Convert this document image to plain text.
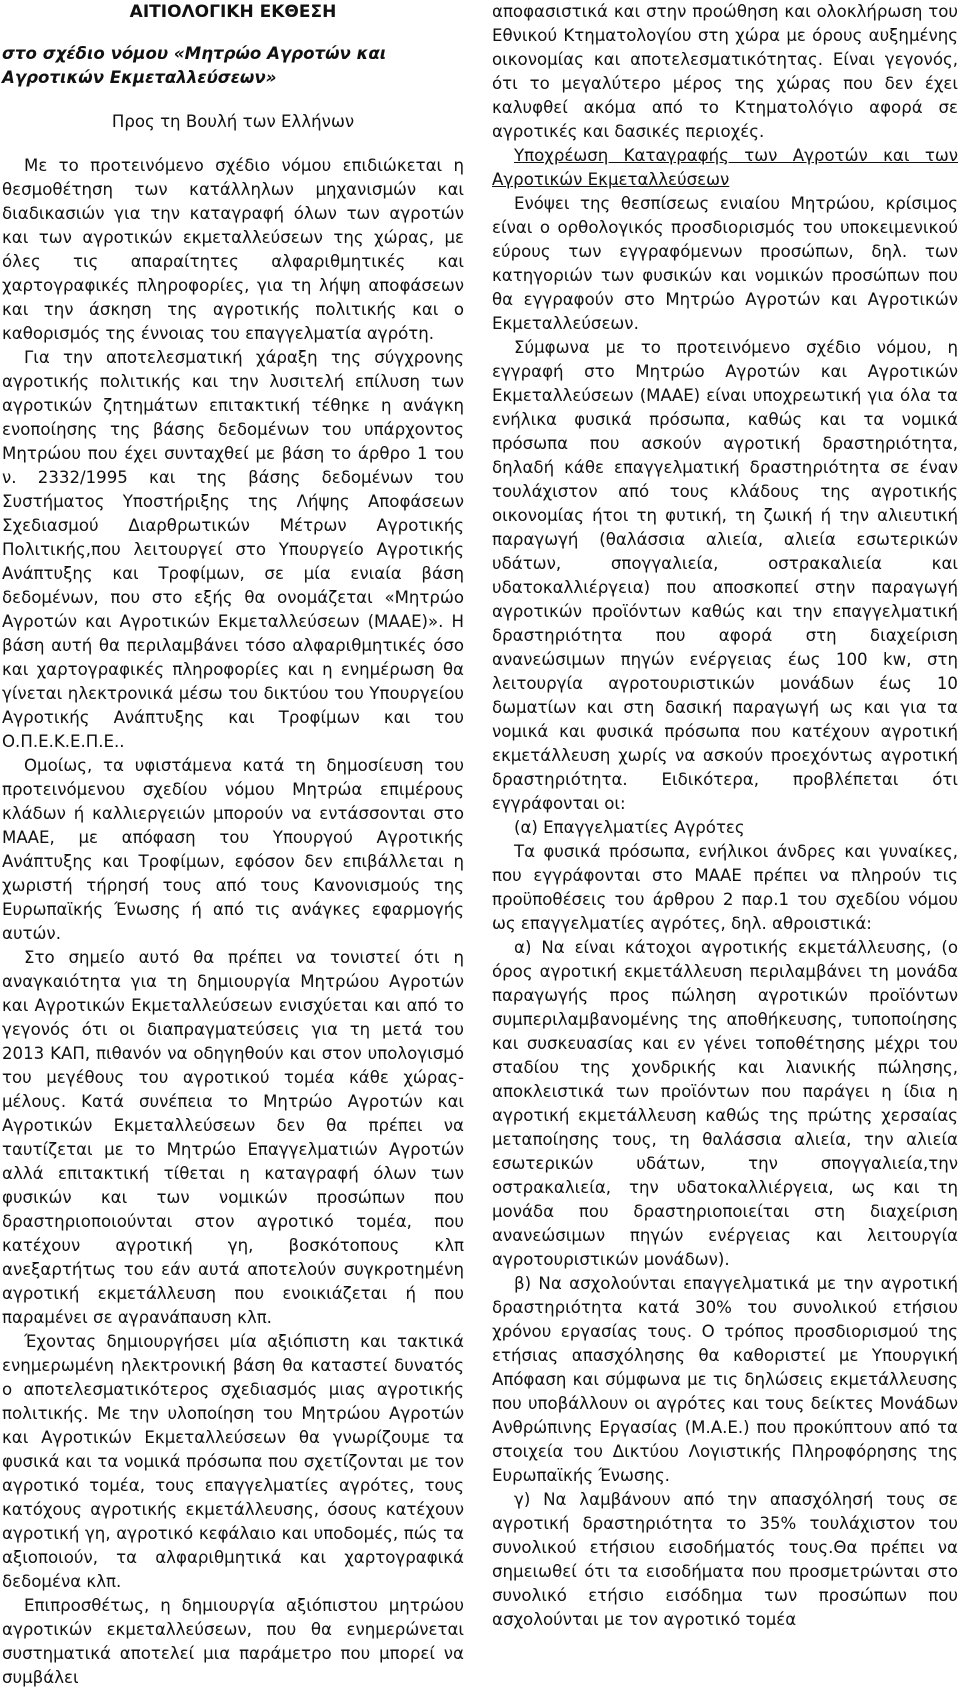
ΑΙΤΙΟΛΟΓΙΚΗ ΕΚΘΕΣΗ
στο σχέδιο νόμου «Μητρώο Αγροτών και Αγροτικών Εκμεταλλεύσεων»
Προς τη Βουλή των Ελλήνων

Με το προτεινόμενο σχέδιο νόμου επιδιώκεται η θεσμοθέτηση των κατάλληλων μηχανισμών και διαδικασιών για την καταγραφή όλων των αγροτών και των αγροτικών εκμεταλλεύσεων της χώρας, με όλες τις απαραίτητες αλφαριθμητικές και χαρτογραφικές πληροφορίες, για τη λήψη αποφάσεων και την άσκηση της αγροτικής πολιτικής και ο καθορισμός της έννοιας του επαγγελματία αγρότη.

Για την αποτελεσματική χάραξη της σύγχρονης αγροτικής πολιτικής και την λυσιτελή επίλυση των αγροτικών ζητημάτων επιτακτική τέθηκε η ανάγκη ενοποίησης της βάσης δεδομένων του υπάρχοντος Μητρώου που έχει συνταχθεί με βάση το άρθρο 1 του ν. 2332/1995 και της βάσης δεδομένων του Συστήματος Υποστήριξης της Λήψης Αποφάσεων Σχεδιασμού Διαρθρωτικών Μέτρων Αγροτικής Πολιτικής,που λειτουργεί στο Υπουργείο Αγροτικής Ανάπτυξης και Τροφίμων, σε μία ενιαία βάση δεδομένων, που στο εξής θα ονομάζεται «Μητρώο Αγροτών και Αγροτικών Εκμεταλλεύσεων (ΜΑΑΕ)». Η βάση αυτή θα περιλαμβάνει τόσο αλφαριθμητικές όσο και χαρτογραφικές πληροφορίες και η ενημέρωση θα γίνεται ηλεκτρονικά μέσω του δικτύου του Υπουργείου Αγροτικής Ανάπτυξης και Τροφίμων και του Ο.Π.Ε.Κ.Ε.Π.Ε..

Ομοίως, τα υφιστάμενα κατά τη δημοσίευση του προτεινόμενου σχεδίου νόμου Μητρώα επιμέρους κλάδων ή καλλιεργειών μπορούν να εντάσσονται στο ΜΑΑΕ, με απόφαση του Υπουργού Αγροτικής Ανάπτυξης και Τροφίμων, εφόσον δεν επιβάλλεται η χωριστή τήρησή τους από τους Κανονισμούς της Ευρωπαϊκής Ένωσης ή από τις ανάγκες εφαρμογής αυτών.

Στο σημείο αυτό θα πρέπει να τονιστεί ότι η αναγκαιότητα για τη δημιουργία Μητρώου Αγροτών και Αγροτικών Εκμεταλλεύσεων ενισχύεται και από το γεγονός ότι οι διαπραγματεύσεις για τη μετά του 2013 ΚΑΠ, πιθανόν να οδηγηθούν και στον υπολογισμό του μεγέθους του αγροτικού τομέα κάθε χώρας-μέλους. Κατά συνέπεια το Μητρώο Αγροτών και Αγροτικών Εκμεταλλεύσεων δεν θα πρέπει να ταυτίζεται με το Μητρώο Επαγγελματιών Αγροτών αλλά επιτακτική τίθεται η καταγραφή όλων των φυσικών και των νομικών προσώπων που δραστηριοποιούνται στον αγροτικό τομέα, που κατέχουν αγροτική γη, βοσκότοπους κλπ ανεξαρτήτως του εάν αυτά αποτελούν συγκροτημένη αγροτική εκμετάλλευση που ενοικιάζεται ή που παραμένει σε αγρανάπαυση κλπ.

Έχοντας δημιουργήσει μία αξιόπιστη και τακτικά ενημερωμένη ηλεκτρονική βάση θα καταστεί δυνατός ο αποτελεσματικότερος σχεδιασμός μιας αγροτικής πολιτικής. Με την υλοποίηση του Μητρώου Αγροτών και Αγροτικών Εκμεταλλεύσεων θα γνωρίζουμε τα φυσικά και τα νομικά πρόσωπα που σχετίζονται με τον αγροτικό τομέα, τους επαγγελματίες αγρότες, τους κατόχους αγροτικής εκμετάλλευσης, όσους κατέχουν αγροτική γη, αγροτικό κεφάλαιο και υποδομές, πώς τα αξιοποιούν, τα αλφαριθμητικά και χαρτογραφικά δεδομένα κλπ.

Επιπροσθέτως, η δημιουργία αξιόπιστου μητρώου αγροτικών εκμεταλλεύσεων, που θα ενημερώνεται συστηματικά αποτελεί μια παράμετρο που μπορεί να συμβάλει

αποφασιστικά και στην προώθηση και ολοκλήρωση του Εθνικού Κτηματολογίου στη χώρα με όρους αυξημένης οικονομίας και αποτελεσματικότητας. Είναι γεγονός, ότι το μεγαλύτερο μέρος της χώρας που δεν έχει καλυφθεί ακόμα από το Κτηματολόγιο αφορά σε αγροτικές και δασικές περιοχές.

Υποχρέωση Καταγραφής των Αγροτών και των Αγροτικών Εκμεταλλεύσεων

Ενόψει της θεσπίσεως ενιαίου Μητρώου, κρίσιμος είναι ο ορθολογικός προσδιορισμός του υποκειμενικού εύρους των εγγραφόμενων προσώπων, δηλ. των κατηγοριών των φυσικών και νομικών προσώπων που θα εγγραφούν στο Μητρώο Αγροτών και Αγροτικών Εκμεταλλεύσεων.

Σύμφωνα με το προτεινόμενο σχέδιο νόμου, η εγγραφή στο Μητρώο Αγροτών και Αγροτικών Εκμεταλλεύσεων (ΜΑΑΕ) είναι υποχρεωτική για όλα τα ενήλικα φυσικά πρόσωπα, καθώς και τα νομικά πρόσωπα που ασκούν αγροτική δραστηριότητα, δηλαδή κάθε επαγγελματική δραστηριότητα σε έναν τουλάχιστον από τους κλάδους της αγροτικής οικονομίας ήτοι τη φυτική, τη ζωική ή την αλιευτική παραγωγή (θαλάσσια αλιεία, αλιεία εσωτερικών υδάτων, σπογγαλιεία, οστρακαλιεία και υδατοκαλλιέργεια) που αποσκοπεί στην παραγωγή αγροτικών προϊόντων καθώς και την επαγγελματική δραστηριότητα που αφορά στη διαχείριση ανανεώσιμων πηγών ενέργειας έως 100 kw, στη λειτουργία αγροτουριστικών μονάδων έως 10 δωματίων και στη δασική παραγωγή ως και για τα νομικά και φυσικά πρόσωπα που κατέχουν αγροτική εκμετάλλευση χωρίς να ασκούν προεχόντως αγροτική δραστηριότητα. Ειδικότερα, προβλέπεται ότι εγγράφονται οι:

(α) Επαγγελματίες Αγρότες

Τα φυσικά πρόσωπα, ενήλικοι άνδρες και γυναίκες, που εγγράφονται στο ΜΑΑΕ πρέπει να πληρούν τις προϋποθέσεις του άρθρου 2 παρ.1 του σχεδίου νόμου ως επαγγελματίες αγρότες, δηλ. αθροιστικά:

α) Να είναι κάτοχοι αγροτικής εκμετάλλευσης, (ο όρος αγροτική εκμετάλλευση περιλαμβάνει τη μονάδα παραγωγής προς πώληση αγροτικών προϊόντων συμπεριλαμβανομένης της αποθήκευσης, τυποποίησης και συσκευασίας και εν γένει τοποθέτησης μέχρι του σταδίου της χονδρικής και λιανικής πώλησης, αποκλειστικά των προϊόντων που παράγει η ίδια η αγροτική εκμετάλλευση καθώς της πρώτης χερσαίας μεταποίησης τους, τη θαλάσσια αλιεία, την αλιεία εσωτερικών υδάτων, την σπογγαλιεία,την οστρακαλιεία, την υδατοκαλλιέργεια, ως και τη μονάδα που δραστηριοποιείται στη διαχείριση ανανεώσιμων πηγών ενέργειας και λειτουργία αγροτουριστικών μονάδων).

β) Να ασχολούνται επαγγελματικά με την αγροτική δραστηριότητα κατά 30% του συνολικού ετήσιου χρόνου εργασίας τους. Ο τρόπος προσδιορισμού της ετήσιας απασχόλησης θα καθοριστεί με Υπουργική Απόφαση και σύμφωνα με τις δηλώσεις εκμετάλλευσης που υποβάλλουν οι αγρότες και τους δείκτες Μονάδων Ανθρώπινης Εργασίας (Μ.Α.Ε.) που προκύπτουν από τα στοιχεία του Δικτύου Λογιστικής Πληροφόρησης της Ευρωπαϊκής Ένωσης.

γ) Να λαμβάνουν από την απασχόλησή τους σε αγροτική δραστηριότητα το 35% τουλάχιστον του συνολικού ετήσιου εισοδήματός τους.Θα πρέπει να σημειωθεί ότι τα εισοδήματα που προσμετρώνται στο συνολικό ετήσιο εισόδημα των προσώπων που ασχολούνται με τον αγροτικό τομέα
